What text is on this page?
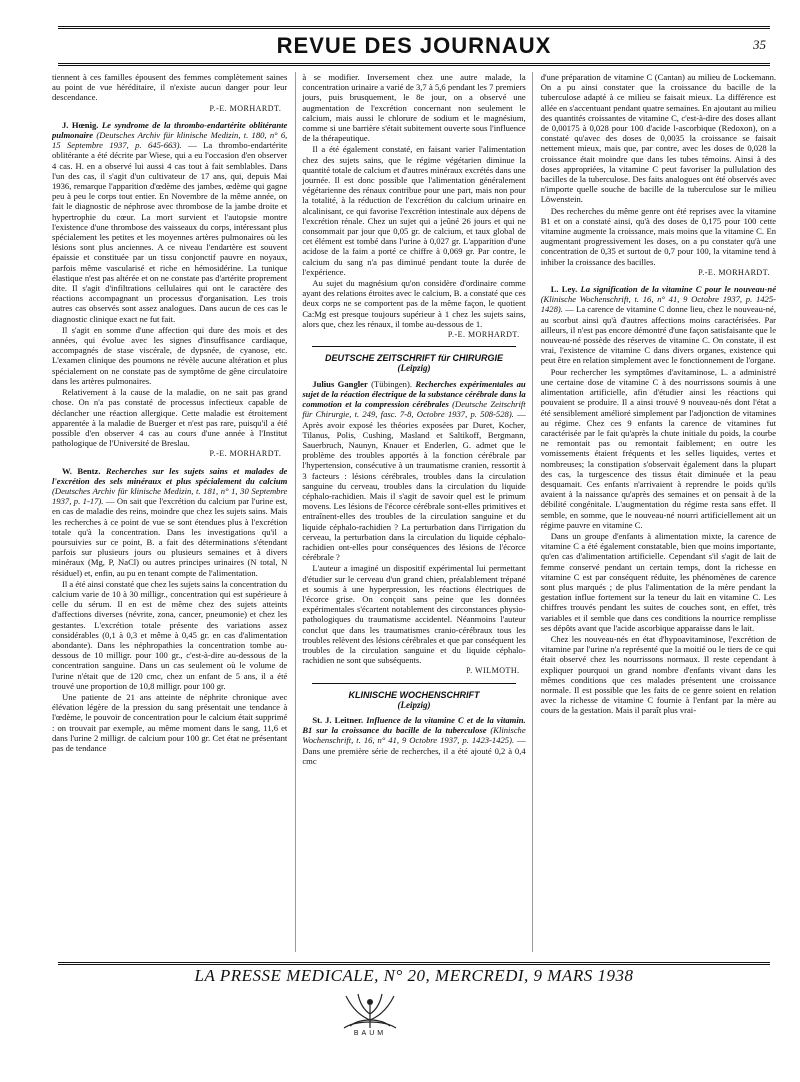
REVUE DES JOURNAUX	35

tiennent à ces familles épousent des femmes complètement saines au point de vue héréditaire, il n'existe aucun danger pour leur descendance.

P.-E. MORHARDT.

J. Hœnig. Le syndrome de la thrombo-endartérite oblitérante pulmonaire (Deutsches Archiv für klinische Medizin, t. 180, n° 6, 15 Septembre 1937, p. 645-663). — La thrombo-endartérite oblitérante a été décrite par Wiese, qui a eu l'occasion d'en observer 4 cas. H. en a observé lui aussi 4 cas tout à fait semblables. Dans l'un des cas, il s'agit d'un cultivateur de 17 ans, qui, depuis Mai 1936, remarque l'apparition d'œdème des jambes, œdème qui gagne peu à peu le corps tout entier. En Novembre de la même année, on fait le diagnostic de néphrose avec thrombose de la jambe droite et hypertrophie du cœur. La mort survient et l'autopsie montre l'existence d'une thrombose des vaisseaux du corps, intéressant plus spécialement les petites et les moyennes artères pulmonaires où les lésions sont plus anciennes. A ce niveau l'endartère est souvent épaissie et constituée par un tissu conjonctif pauvre en noyaux, parfois même vascularisé et riche en hémosidérine. La tunique élastique n'est pas altérée et on ne constate pas d'artérite proprement dite. Il s'agit d'infiltrations cellulaires qui ont le caractère des réactions accompagnant un processus d'organisation. Les trois autres cas observés sont assez analogues. Dans aucun de ces cas le diagnostic clinique exact ne fut fait.

Il s'agit en somme d'une affection qui dure des mois et des années, qui évolue avec les signes d'insuffisance cardiaque, accompagnés de stase viscérale, de dypsnée, de cyanose, etc. L'examen clinique des poumons ne révèle aucune altération et plus spécialement on ne constate pas de symptôme de gêne circulatoire dans les artères pulmonaires.

Relativement à la cause de la maladie, on ne sait pas grand chose. On n'a pas constaté de processus infectieux capable de déclancher une réaction allergique. Cette maladie est étroitement apparentée à la maladie de Buerger et n'est pas rare, puisqu'il a été possible d'en observer 4 cas au cours d'une année à l'Institut pathologique de l'Université de Breslau.

P.-E. MORHARDT.

W. Bentz. Recherches sur les sujets sains et malades de l'excrétion des sels minéraux et plus spécialement du calcium (Deutsches Archiv für klinische Medizin, t. 181, n° 1, 30 Septembre 1937, p. 1-17). — On sait que l'excrétion du calcium par l'urine est, en cas de maladie des reins, moindre que chez les sujets sains. Mais les recherches à ce point de vue se sont étendues plus à l'excrétion totale qu'à la concentration. Dans les investigations qu'il a poursuivies sur ce point, B. a fait des déterminations s'étendant parfois sur plusieurs jours ou plusieurs semaines et à divers minéraux (Mg, P, NaCl) ou autres principes urinaires (N total, N résiduel) et, enfin, au pu en tenant compte de l'alimentation.

Il a été ainsi constaté que chez les sujets sains la concentration du calcium varie de 10 à 30 milligr., concentration qui est supérieure à celle du sérum. Il en est de même chez des sujets atteints d'affections diverses (névrite, zona, cancer, pneumonie) et chez les gestantes. L'excrétion totale présente des variations assez considérables (0,1 à 0,3 et même à 0,45 gr. en cas d'alimentation abondante). Dans les néphropathies la concentration tombe au-dessous de 10 milligr. pour 100 gr., c'est-à-dire au-dessous de la concentration sanguine. Dans un cas seulement où le volume de l'urine n'était que de 120 cmc, chez un enfant de 5 ans, il a été trouvé une proportion de 10,8 milligr. pour 100 gr.

Une patiente de 21 ans atteinte de néphrite chronique avec élévation légère de la pression du sang présentait une tendance à l'œdème, le pouvoir de concentration pour le calcium était supprimé : on trouvait par exemple, au même moment dans le sang, 11,6 et dans l'urine 2 milligr. de calcium pour 100 gr. Cet état ne présentant pas de tendance

à se modifier. Inversement chez une autre malade, la concentration urinaire a varié de 3,7 à 5,6 pendant les 7 premiers jours, puis brusquement, le 8e jour, on a observé une augmentation de l'excrétion concernant non seulement le calcium, mais aussi le chlorure de sodium et le magnésium, comme si une barrière s'était subitement ouverte sous l'influence de la thérapeutique.

Il a été également constaté, en faisant varier l'alimentation chez des sujets sains, que le régime végétarien diminue la quantité totale de calcium et d'autres minéraux excrétés dans une journée. Il est donc possible que l'alimentation généralement végétarienne des rénaux contribue pour une part, mais non pour la totalité, à la réduction de l'excrétion du calcium urinaire en alcalinisant, ce qui favorise l'excrétion intestinale aux dépens de l'excrétion rénale. Chez un sujet qui a jeûné 26 jours et qui ne consommait par jour que 0,05 gr. de calcium, et taux global de cet élément est tombé dans l'urine à 0,027 gr. L'apparition d'une acidose de la faim a porté ce chiffre à 0,069 gr. Par contre, le calcium du sang n'a pas diminué pendant toute la durée de l'expérience.

Au sujet du magnésium qu'on considère d'ordinaire comme ayant des relations étroites avec le calcium, B. a constaté que ces deux corps ne se comportent pas de la même façon, le quotient Ca:Mg est presque toujours supérieur à 1 chez les sujets sains, alors que, chez les rénaux, il tombe au-dessous de 1.

P.-E. MORHARDT.
DEUTSCHE ZEITSCHRIFT für CHIRURGIE
(Leipzig)

Julius Gangler (Tübingen). Recherches expérimentales au sujet de la réaction électrique de la substance cérébrale dans la commotion et la compression cérébrales (Deutsche Zeitschrift für Chirurgie, t. 249, fasc. 7-8, Octobre 1937, p. 508-528). — Après avoir exposé les théories exposées par Duret, Kocher, Tilanus, Polis, Cushing, Masland et Saltikoff, Bergmann, Sauerbruch, Naunyn, Knauer et Enderlen, G. admet que le problème des troubles apportés à la fonction cérébrale par l'hypertension, consécutive à un traumatisme cranien, ressortit à 3 facteurs : lésions cérébrales, troubles dans la circulation sanguine du cerveau, troubles dans la circulation du liquide céphalo-rachidien. Mais il s'agit de savoir quel est le primum movens. Les lésions de l'écorce cérébrale sont-elles primitives et entraînent-elles des troubles de la circulation sanguine et du liquide céphalo-rachidien ? La perturbation dans l'irrigation du cerveau, la perturbation dans la circulation du liquide céphalo-rachidien ont-elles pour conséquences des lésions de l'écorce cérébrale ?

L'auteur a imaginé un dispositif expérimental lui permettant d'étudier sur le cerveau d'un grand chien, préalablement trépané et soumis à une hyperpression, les réactions électriques de l'écorce grise. On conçoit sans peine que les données expérimentales s'écartent notablement des circonstances physio-pathologiques du traumatisme accidentel. Néanmoins l'auteur conclut que dans les traumatismes cranio-cérébraux tous les troubles relèvent des lésions cérébrales et que par conséquent les troubles de la circulation sanguine et du liquide céphalo-rachidien ne sont que subséquents.

P. WILMOTH.
KLINISCHE WOCHENSCHRIFT
(Leipzig)

St. J. Leitner. Influence de la vitamine C et de la vitamin. B1 sur la croissance du bacille de la tuberculose (Klinische Wochenschrift, t. 16, n° 41, 9 Octobre 1937, p. 1423-1425). — Dans une première série de recherches, il a été ajouté 0,2 à 0,4 cmc

d'une préparation de vitamine C (Cantan) au milieu de Lockemann. On a pu ainsi constater que la croissance du bacille de la tuberculose adapté à ce milieu se faisait mieux. La différence est allée en s'accentuant pendant quatre semaines. En ajoutant au milieu des quantités croissantes de vitamine C, c'est-à-dire des doses allant de 0,00175 à 0,028 pour 100 d'acide l-ascorbique (Redoxon), on a constaté qu'avec des doses de 0,0035 la croissance se faisait nettement mieux, mais que, par contre, avec les doses de 0,028 la croissance était moindre que dans les tubes témoins. Ainsi à des doses appropriées, la vitamine C peut favoriser la pullulation des bacilles de la tuberculose. Des faits analogues ont été observés avec n'importe quelle souche de bacille de la tuberculose sur le milieu Löwenstein.

Des recherches du même genre ont été reprises avec la vitamine B1 et on a constaté ainsi, qu'à des doses de 0,175 pour 100 cette vitamine augmente la croissance, mais moins que la vitamine C. En augmentant progressivement les doses, on a pu constater qu'à une concentration de 0,35 et surtout de 0,7 pour 100, la vitamine tend à inhiber la croissance des bacilles.

P.-E. MORHARDT.

L. Ley. La signification de la vitamine C pour le nouveau-né (Klinische Wochenschrift, t. 16, n° 41, 9 Octobre 1937, p. 1425-1428). — La carence de vitamine C donne lieu, chez le nouveau-né, au scorbut ainsi qu'à d'autres affections moins caractérisées. Par ailleurs, il n'est pas encore démontré d'une façon satisfaisante que le nouveau-né possède des réserves de vitamine C. On constate, il est vrai, l'existence de vitamine C dans divers organes, existence qui peut être en relation simplement avec le fonctionnement de l'organe.

Pour rechercher les symptômes d'avitaminose, L. a administré une certaine dose de vitamine C à des nourrissons soumis à une alimentation artificielle, afin d'étudier ainsi les réactions qui pouvaient se produire. Il a ainsi trouvé 9 nouveau-nés dont l'état a été sensiblement amélioré simplement par l'adjonction de vitamines au régime. Chez ces 9 enfants la carence de vitamines fut caractérisée par le fait qu'après la chute initiale du poids, la courbe ne remontait pas ou remontait faiblement; en outre les vomissements étaient fréquents et les selles liquides, vertes et nombreuses; la constipation s'observait également dans la plupart des cas, la turgescence des tissus était diminuée et la peau desquamait. Ces enfants n'arrivaient à reprendre le poids qu'ils avaient à la naissance qu'après des semaines et on pensait à de la débilité congénitale. L'augmentation du régime resta sans effet. Il semble, en somme, que le nouveau-né nourri artificiellement ait un régime pauvre en vitamine C.

Dans un groupe d'enfants à alimentation mixte, la carence de vitamine C a été également constatable, bien que moins importante, qu'en cas d'alimentation artificielle. Cependant s'il s'agit de lait de femme conservé pendant un certain temps, dont la richesse en vitamine C est par conséquent réduite, les phénomènes de carence sont plus marqués ; de plus l'alimentation de la mère pendant la gestation influe fortement sur la teneur du lait en vitamine C. Les chiffres trouvés pendant les suites de couches sont, en effet, très variables et il semble que dans ces conditions la nourrice remplisse ses dépôts avant que l'acide ascorbique apparaisse dans le lait.

Chez les nouveau-nés en état d'hypoavitaminose, l'excrétion de vitamine par l'urine n'a représenté que la moitié ou le tiers de ce qui était observé chez les nourrissons normaux. Il reste cependant à expliquer pourquoi un grand nombre d'enfants vivant dans les mêmes conditions que ces malades présentent une croissance normale. Il est possible que les faits de ce genre soient en relation avec la richesse de vitamine C fournie à l'enfant par la mère au cours de la gestation. Mais il paraît plus vrai-

LA PRESSE MEDICALE, N° 20, MERCREDI, 9 MARS 1938
BAUM
